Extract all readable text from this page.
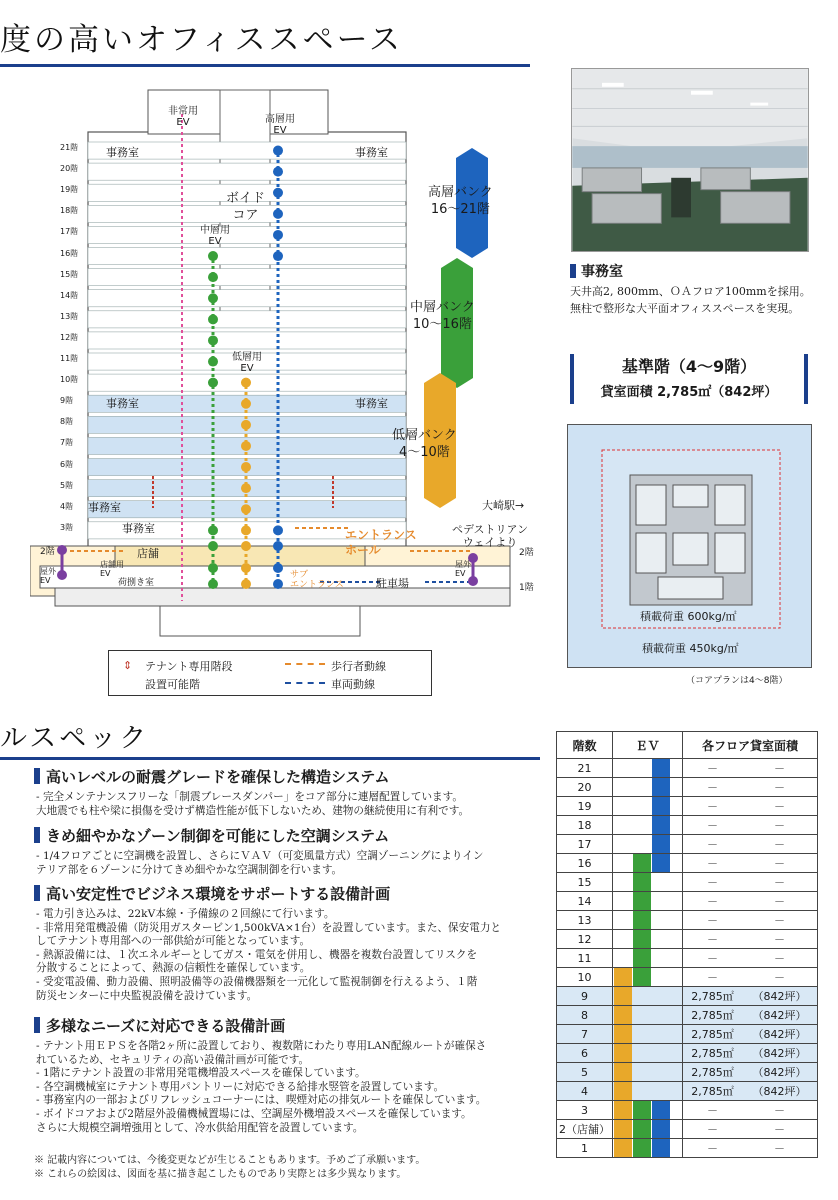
度の高いオフィススペース
非常用
EV	高層用
EV
中層用
EV
低層用
EV
ボイド
コア
21階
20階
19階
18階
17階
16階
15階
14階
13階
12階
11階
10階
9階
8階
7階
6階
5階
4階
3階
事務室	事務室
事務室	事務室
事務室
事務室
店舗
店舗用
EV
荷捌き室	駐車場
屋外
EV
屋外
EV
エントランス
ホール
サブ
エントランス
ペデストリアン
ウェイより
大崎駅→
2階	2階
1階
高層バンク
16〜21階
中層バンク
10〜16階
低層バンク
4〜10階
⇕ テナント専用階段
設置可能階
歩行者動線
車両動線
事務室
天井高2, 800mm、ＯＡフロア100mmを採用。
無柱で整形な大平面オフィススペースを実現。
基準階（4〜9階）
貸室面積 2,785㎡（842坪）
積載荷重 600kg/㎡
積載荷重 450kg/㎡
（コアプランは4〜8階）
ルスペック
高いレベルの耐震グレードを確保した構造システム
- 完全メンテナンスフリーな「制震ブレースダンパー」をコア部分に連層配置しています。
大地震でも柱や梁に損傷を受けず構造性能が低下しないため、建物の継続使用に有利です。
きめ細やかなゾーン制御を可能にした空調システム
- 1/4フロアごとに空調機を設置し、さらにＶＡＶ（可変風量方式）空調ゾーニングによりイン
テリア部を６ゾーンに分けてきめ細やかな空調制御を行います。
高い安定性でビジネス環境をサポートする設備計画
- 電力引き込みは、22kV本線・予備線の２回線にて行います。
- 非常用発電機設備（防災用ガスタービン1,500kVA×1台）を設置しています。また、保安電力と
してテナント専用部への一部供給が可能となっています。
- 熱源設備には、１次エネルギーとしてガス・電気を併用し、機器を複数台設置してリスクを
分散することによって、熱源の信頼性を確保しています。
- 受変電設備、動力設備、照明設備等の設備機器類を一元化して監視制御を行えるよう、１階
防災センターに中央監視設備を設けています。
多様なニーズに対応できる設備計画
- テナント用ＥＰＳを各階2ヶ所に設置しており、複数階にわたり専用LAN配線ルートが確保さ
れているため、セキュリティの高い設備計画が可能です。
- 1階にテナント設置の非常用発電機増設スペースを確保しています。
- 各空調機械室にテナント専用パントリーに対応できる給排水竪管を設置しています。
- 事務室内の一部およびリフレッシュコーナーには、喫煙対応の排気ルートを確保しています。
- ボイドコアおよび2階屋外設備機械置場には、空調屋外機増設スペースを確保しています。
さらに大規模空調増強用として、冷水供給用配管を設置しています。
※ 記載内容については、今後変更などが生じることもあります。予めご了承願います。
※ これらの絵図は、図面を基に描き起こしたものであり実際とは多少異なります。
階数	ＥＶ	各フロア貸室面積	
21		－	－
20		－	－
19		－	－
18		－	－
17		－	－
16		－	－
15		－	－
14		－	－
13		－	－
12		－	－
11		－	－
10		－	－
9		2,785㎡	（842坪）
8		2,785㎡	（842坪）
7		2,785㎡	（842坪）
6		2,785㎡	（842坪）
5		2,785㎡	（842坪）
4		2,785㎡	（842坪）
3		－	－
2（店舗）		－	－
1		－	－
